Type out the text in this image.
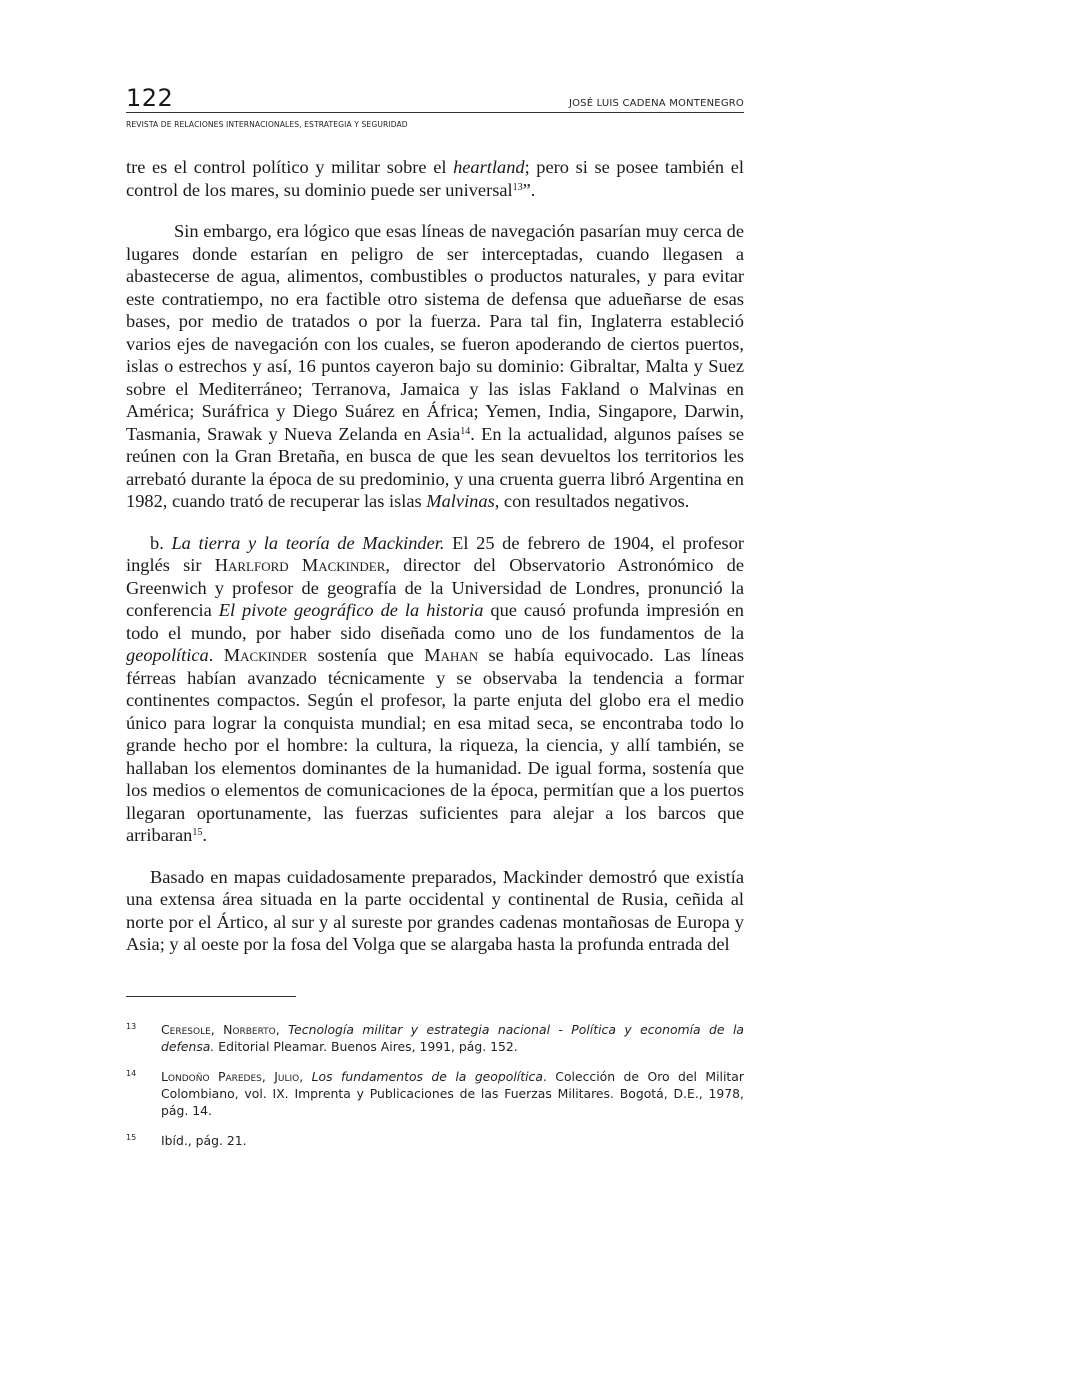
122	JOSÉ LUIS CADENA MONTENEGRO
REVISTA DE RELACIONES INTERNACIONALES, ESTRATEGIA Y SEGURIDAD

tre es el control político y militar sobre el heartland; pero si se posee también el control de los mares, su dominio puede ser universal$^{13}$”.

Sin embargo, era lógico que esas líneas de navegación pasarían muy cerca de lugares donde estarían en peligro de ser interceptadas, cuando llegasen a abastecerse de agua, alimentos, combustibles o productos naturales, y para evitar este contratiempo, no era factible otro sistema de defensa que adueñarse de esas bases, por medio de tratados o por la fuerza. Para tal fin, Inglaterra estableció varios ejes de navegación con los cuales, se fueron apoderando de ciertos puertos, islas o estrechos y así, 16 puntos cayeron bajo su dominio: Gibraltar, Malta y Suez sobre el Mediterráneo; Terranova, Jamaica y las islas Fakland o Malvinas en América; Suráfrica y Diego Suárez en África; Yemen, India, Singapore, Darwin, Tasmania, Srawak y Nueva Zelanda en Asia$^{14}$. En la actualidad, algunos países se reúnen con la Gran Bretaña, en busca de que les sean devueltos los territorios les arrebató durante la época de su predominio, y una cruenta guerra libró Argentina en 1982, cuando trató de recuperar las islas Malvinas, con resultados negativos.

b. La tierra y la teoría de Mackinder. El 25 de febrero de 1904, el profesor inglés sir Harlford Mackinder, director del Observatorio Astronómico de Greenwich y profesor de geografía de la Universidad de Londres, pronunció la conferencia El pivote geográfico de la historia que causó profunda impresión en todo el mundo, por haber sido diseñada como uno de los fundamentos de la geopolítica. Mackinder sostenía que Mahan se había equivocado. Las líneas férreas habían avanzado técnicamente y se observaba la tendencia a formar continentes compactos. Según el profesor, la parte enjuta del globo era el medio único para lograr la conquista mundial; en esa mitad seca, se encontraba todo lo grande hecho por el hombre: la cultura, la riqueza, la ciencia, y allí también, se hallaban los elementos dominantes de la humanidad. De igual forma, sostenía que los medios o elementos de comunicaciones de la época, permitían que a los puertos llegaran oportunamente, las fuerzas suficientes para alejar a los barcos que arribaran$^{15}$.

Basado en mapas cuidadosamente preparados, Mackinder demostró que existía una extensa área situada en la parte occidental y continental de Rusia, ceñida al norte por el Ártico, al sur y al sureste por grandes cadenas montañosas de Europa y Asia; y al oeste por la fosa del Volga que se alargaba hasta la profunda entrada del

13	Ceresole, Norberto, Tecnología militar y estrategia nacional - Política y economía de la defensa. Editorial Pleamar. Buenos Aires, 1991, pág. 152.
14	Londoño Paredes, Julio, Los fundamentos de la geopolítica. Colección de Oro del Militar Colombiano, vol. IX. Imprenta y Publicaciones de las Fuerzas Militares. Bogotá, D.E., 1978, pág. 14.
15	Ibíd., pág. 21.
